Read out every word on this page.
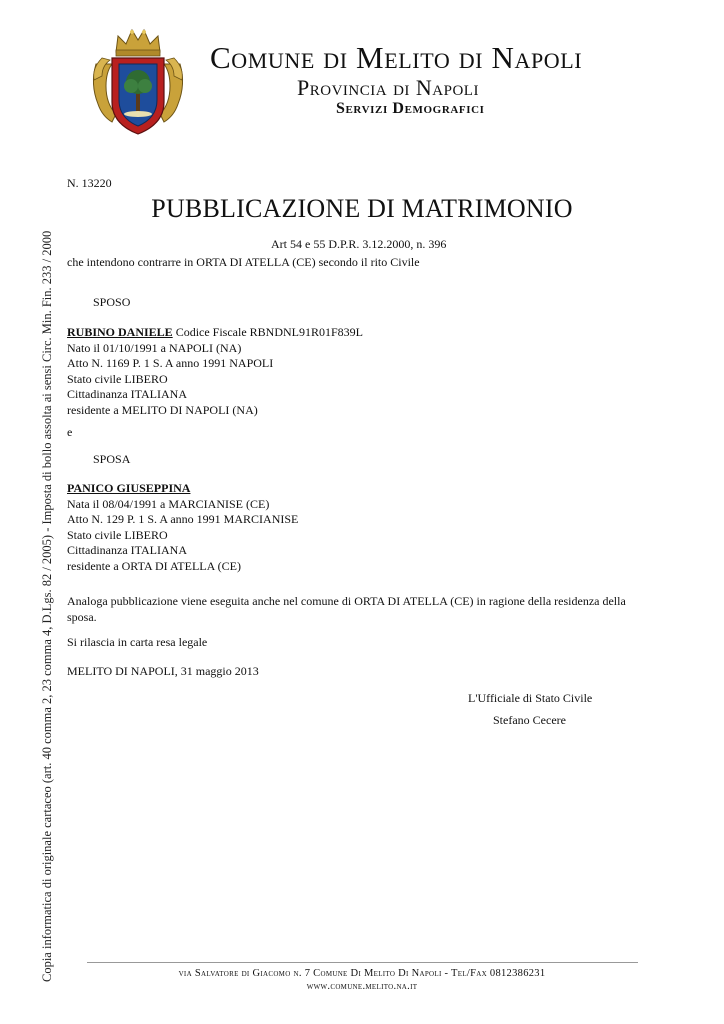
Comune di Melito di Napoli
Provincia di Napoli
Servizi Demografici
N. 13220
PUBBLICAZIONE DI MATRIMONIO
Art 54 e 55 D.P.R. 3.12.2000, n. 396
che intendono contrarre in ORTA DI ATELLA (CE) secondo il rito Civile
SPOSO
RUBINO DANIELE Codice Fiscale RBNDNL91R01F839L
Nato il 01/10/1991 a NAPOLI (NA)
Atto N. 1169 P. 1 S. A anno 1991 NAPOLI
Stato civile LIBERO
Cittadinanza ITALIANA
residente a MELITO DI NAPOLI (NA)
e
SPOSA
PANICO GIUSEPPINA
Nata il 08/04/1991 a MARCIANISE (CE)
Atto N. 129 P. 1 S. A anno 1991 MARCIANISE
Stato civile LIBERO
Cittadinanza ITALIANA
residente a ORTA DI ATELLA (CE)
Analoga pubblicazione viene eseguita anche nel comune di ORTA DI ATELLA (CE) in ragione della residenza della sposa.
Si rilascia in carta resa legale
MELITO DI NAPOLI, 31 maggio 2013
L'Ufficiale di Stato Civile
Stefano Cecere
Copia informatica di originale cartaceo (art. 40 comma 2, 23 comma 4, D.Lgs. 82 / 2005) - Imposta di bollo assolta ai sensi Circ. Min. Fin. 233 / 2000	via Salvatore di Giacomo n. 7 Comune Di Melito Di Napoli - Tel/Fax 0812386231
www.comune.melito.na.it
